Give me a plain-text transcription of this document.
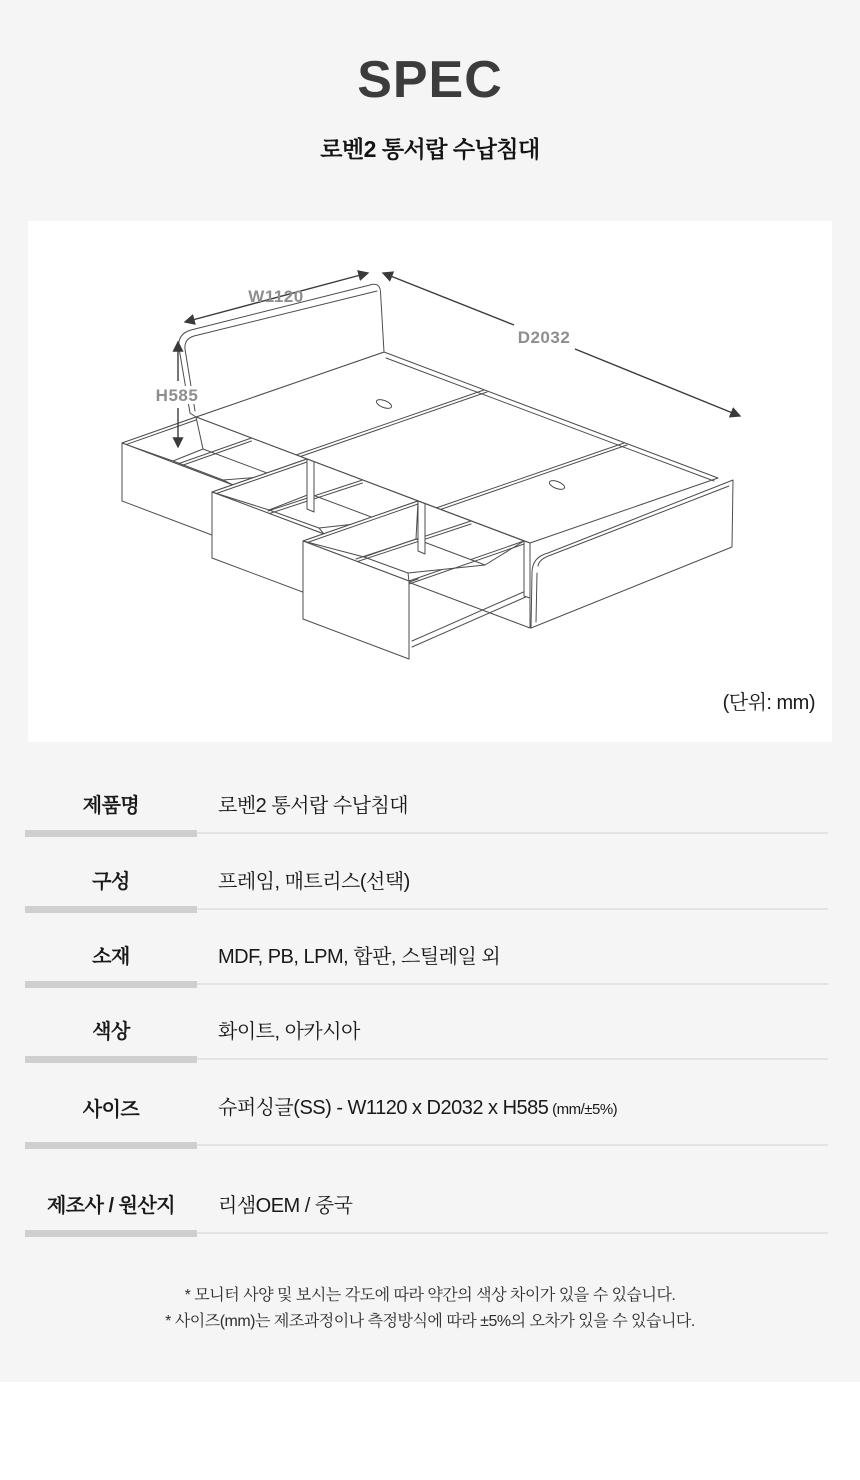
SPEC
로벤2 통서랍 수납침대
W1120
D2032
H585
(단위: mm)
제품명	로벤2 통서랍 수납침대
구성	프레임, 매트리스(선택)
소재	MDF, PB, LPM, 합판, 스틸레일 외
색상	화이트, 아카시아
사이즈	슈퍼싱글(SS) - W1120 x D2032 x H585 (mm/±5%)
제조사 / 원산지	리샘OEM / 중국
* 모니터 사양 및 보시는 각도에 따라 약간의 색상 차이가 있을 수 있습니다.
* 사이즈(mm)는 제조과정이나 측정방식에 따라 ±5%의 오차가 있을 수 있습니다.
